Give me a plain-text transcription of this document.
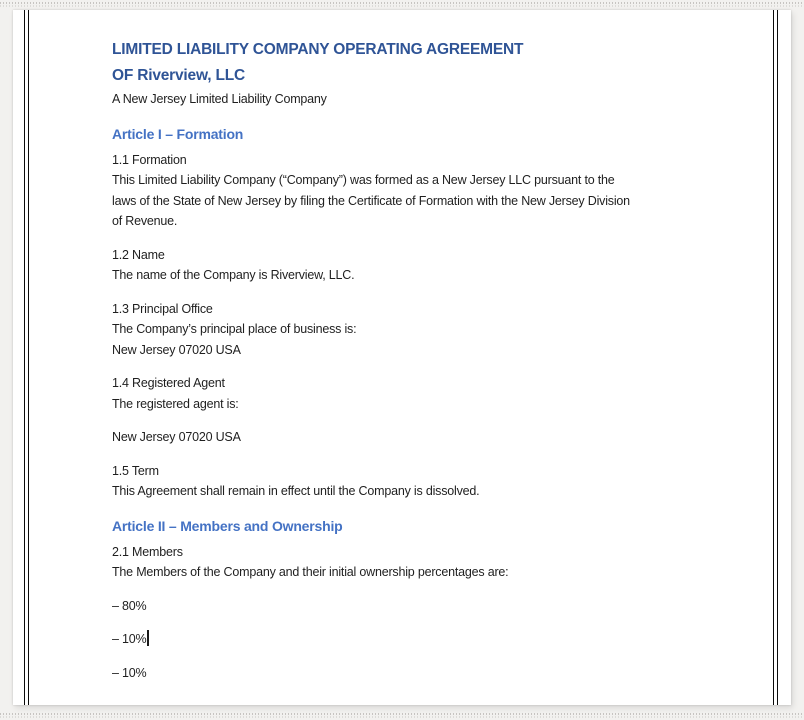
LIMITED LIABILITY COMPANY OPERATING AGREEMENT
OF Riverview, LLC

A New Jersey Limited Liability Company

Article I – Formation

1.1 Formation
This Limited Liability Company (“Company”) was formed as a New Jersey LLC pursuant to the
laws of the State of New Jersey by filing the Certificate of Formation with the New Jersey Division
of Revenue.

1.2 Name
The name of the Company is Riverview, LLC.

1.3 Principal Office
The Company’s principal place of business is:
New Jersey 07020 USA

1.4 Registered Agent
The registered agent is:

New Jersey 07020 USA

1.5 Term
This Agreement shall remain in effect until the Company is dissolved.

Article II – Members and Ownership

2.1 Members
The Members of the Company and their initial ownership percentages are:

– 80%

– 10%

– 10%
